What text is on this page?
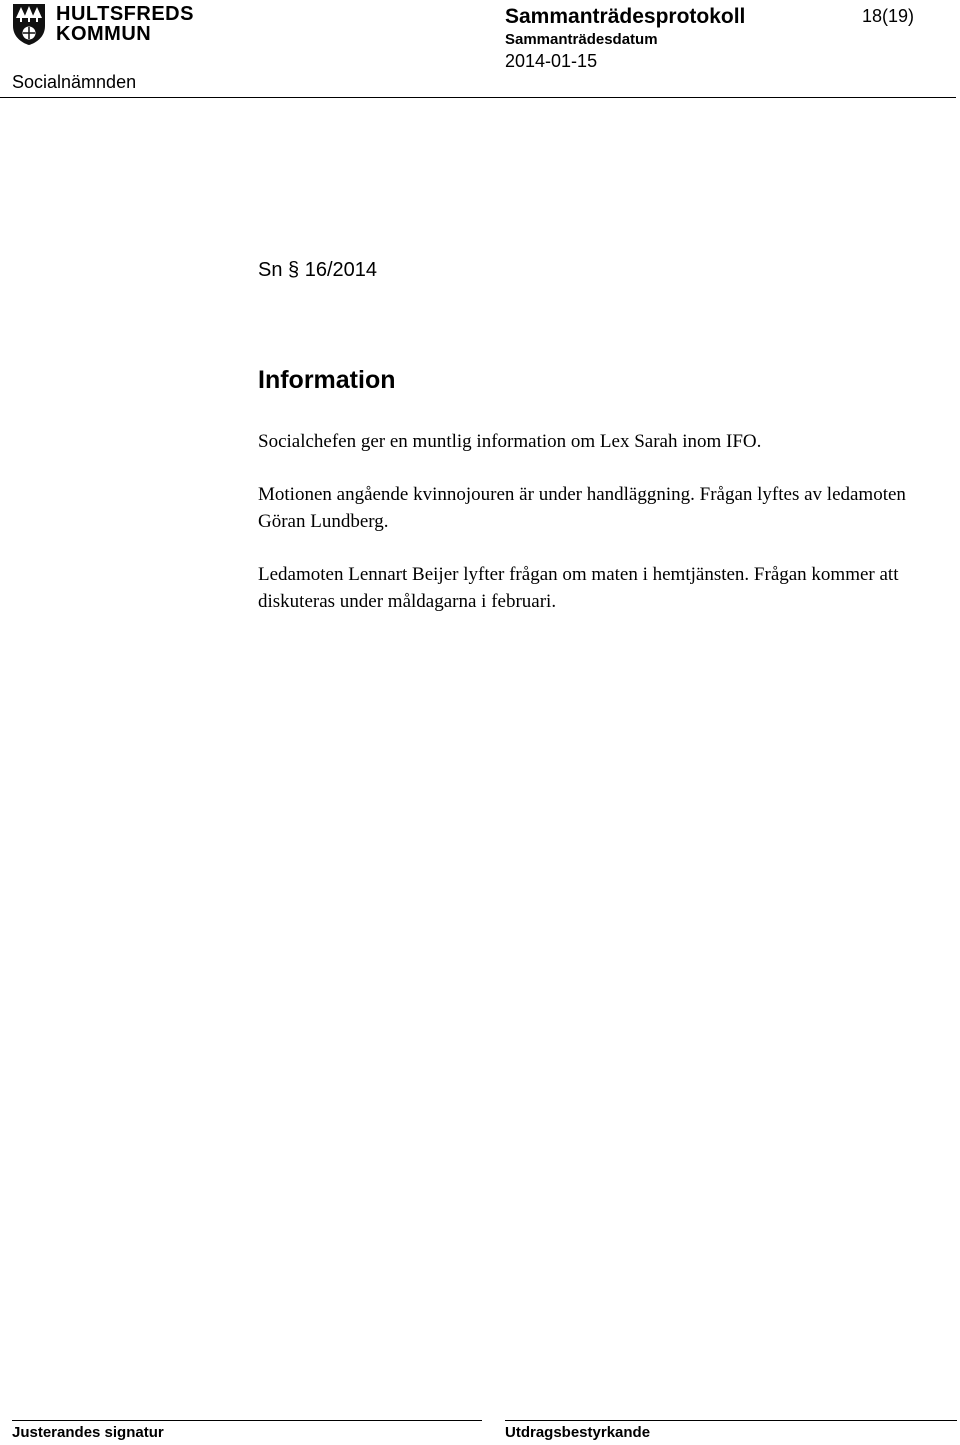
HULTSFREDS
KOMMUN
Socialnämnden
Sammanträdesprotokoll
Sammanträdesdatum
2014-01-15
18(19)
Sn § 16/2014
Information

Socialchefen ger en muntlig information om Lex Sarah inom IFO.

Motionen angående kvinnojouren är under handläggning. Frågan lyftes av ledamoten Göran Lundberg.

Ledamoten Lennart Beijer lyfter frågan om maten i hemtjänsten. Frågan kommer att diskuteras under måldagarna i februari.

Justerandes signatur	Utdragsbestyrkande
